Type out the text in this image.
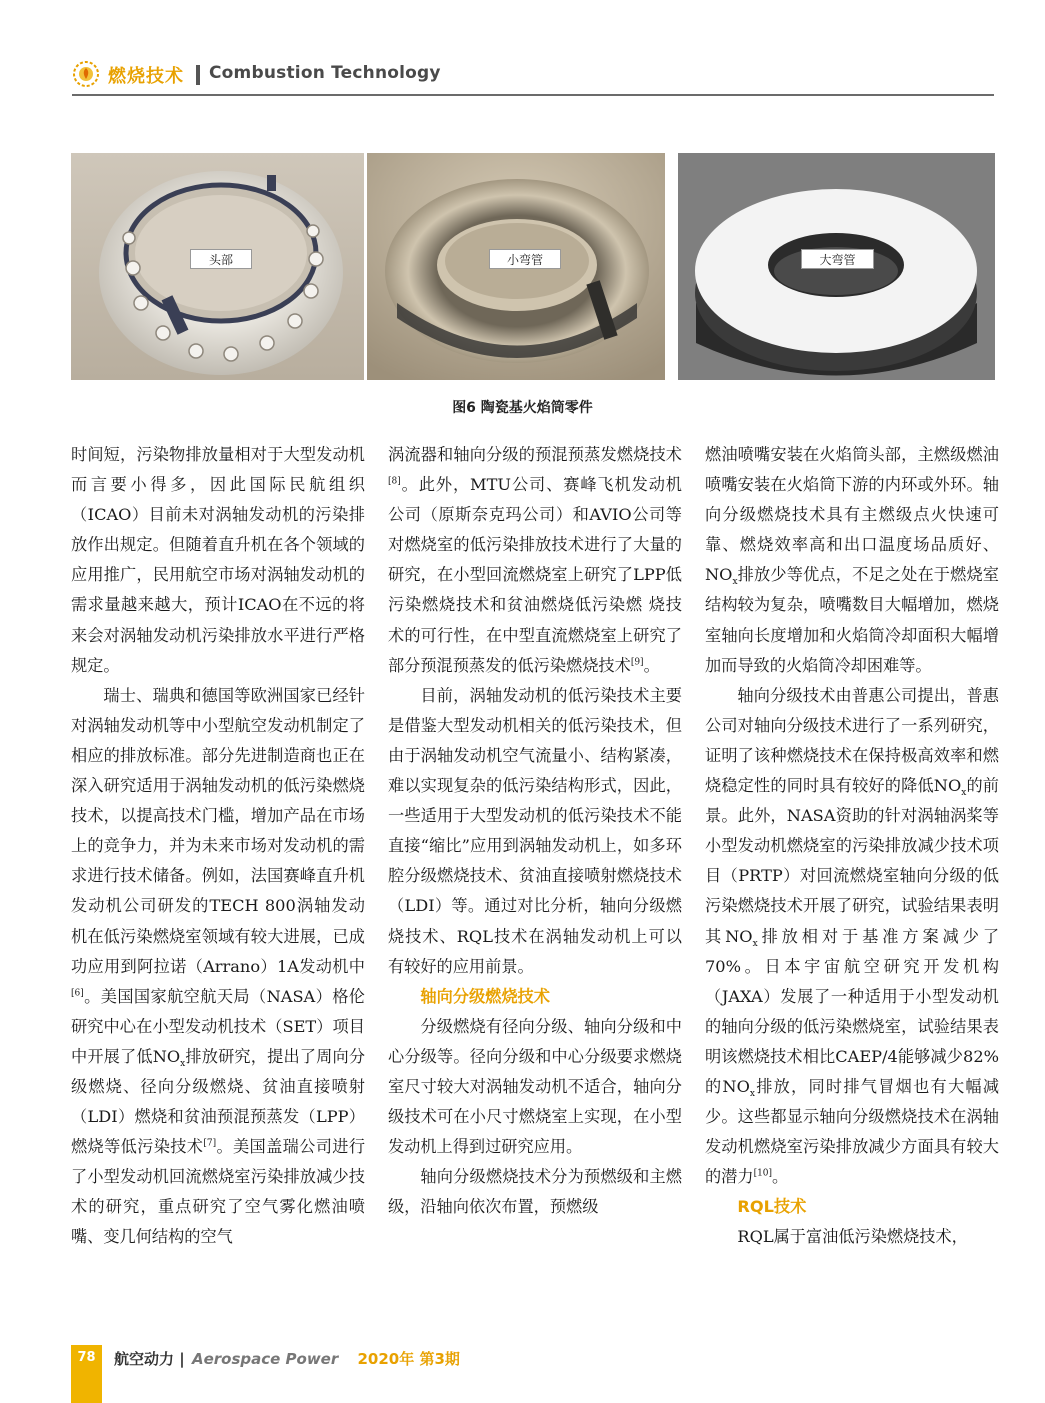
燃烧技术 Combustion Technology
头部	小弯管	大弯管
图6 陶瓷基火焰筒零件

时间短，污染物排放量相对于大型发动机而言要小得多，因此国际民航组织（ICAO）目前未对涡轴发动机的污染排放作出规定。但随着直升机在各个领域的应用推广，民用航空市场对涡轴发动机的需求量越来越大，预计ICAO在不远的将来会对涡轴发动机污染排放水平进行严格规定。

瑞士、瑞典和德国等欧洲国家已经针对涡轴发动机等中小型航空发动机制定了相应的排放标准。部分先进制造商也正在深入研究适用于涡轴发动机的低污染燃烧技术，以提高技术门槛，增加产品在市场上的竞争力，并为未来市场对发动机的需求进行技术储备。例如，法国赛峰直升机发动机公司研发的TECH 800涡轴发动机在低污染燃烧室领域有较大进展，已成功应用到阿拉诺（Arrano）1A发动机中[6]。美国国家航空航天局（NASA）格伦研究中心在小型发动机技术（SET）项目中开展了低$NO_x$排放研究，提出了周向分级燃烧、径向分级燃烧、贫油直接喷射（LDI）燃烧和贫油预混预蒸发（LPP）燃烧等低污染技术[7]。美国盖瑞公司进行了小型发动机回流燃烧室污染排放减少技术的研究，重点研究了空气雾化燃油喷嘴、变几何结构的空气

涡流器和轴向分级的预混预蒸发燃烧技术[8]。此外，MTU公司、赛峰飞机发动机公司（原斯奈克玛公司）和AVIO公司等对燃烧室的低污染排放技术进行了大量的研究，在小型回流燃烧室上研究了LPP低污染燃烧技术和贫油燃烧低污染燃 烧技术的可行性，在中型直流燃烧室上研究了部分预混预蒸发的低污染燃烧技术[9]。

目前，涡轴发动机的低污染技术主要是借鉴大型发动机相关的低污染技术，但由于涡轴发动机空气流量小、结构紧凑，难以实现复杂的低污染结构形式，因此，一些适用于大型发动机的低污染技术不能直接“缩比”应用到涡轴发动机上，如多环腔分级燃烧技术、贫油直接喷射燃烧技术（LDI）等。通过对比分析，轴向分级燃烧技术、RQL技术在涡轴发动机上可以有较好的应用前景。

轴向分级燃烧技术

分级燃烧有径向分级、轴向分级和中心分级等。径向分级和中心分级要求燃烧室尺寸较大对涡轴发动机不适合，轴向分级技术可在小尺寸燃烧室上实现，在小型发动机上得到过研究应用。

轴向分级燃烧技术分为预燃级和主燃级，沿轴向依次布置，预燃级

燃油喷嘴安装在火焰筒头部，主燃级燃油喷嘴安装在火焰筒下游的内环或外环。轴向分级燃烧技术具有主燃级点火快速可靠、燃烧效率高和出口温度场品质好、$NO_x$排放少等优点，不足之处在于燃烧室结构较为复杂，喷嘴数目大幅增加，燃烧室轴向长度增加和火焰筒冷却面积大幅增加而导致的火焰筒冷却困难等。

轴向分级技术由普惠公司提出，普惠公司对轴向分级技术进行了一系列研究，证明了该种燃烧技术在保持极高效率和燃烧稳定性的同时具有较好的降低$NO_x$的前景。此外，NASA资助的针对涡轴涡桨等小型发动机燃烧室的污染排放减少技术项目（PRTP）对回流燃烧室轴向分级的低污染燃烧技术开展了研究，试验结果表明其$NO_x$排放相对于基准方案减少了70%。日本宇宙航空研究开发机构（JAXA）发展了一种适用于小型发动机的轴向分级的低污染燃烧室，试验结果表明该燃烧技术相比CAEP/4能够减少82%的$NO_x$排放，同时排气冒烟也有大幅减少。这些都显示轴向分级燃烧技术在涡轴发动机燃烧室污染排放减少方面具有较大的潜力[10]。

RQL技术

RQL属于富油低污染燃烧技术，

78	航空动力 | Aerospace Power 2020年 第3期
